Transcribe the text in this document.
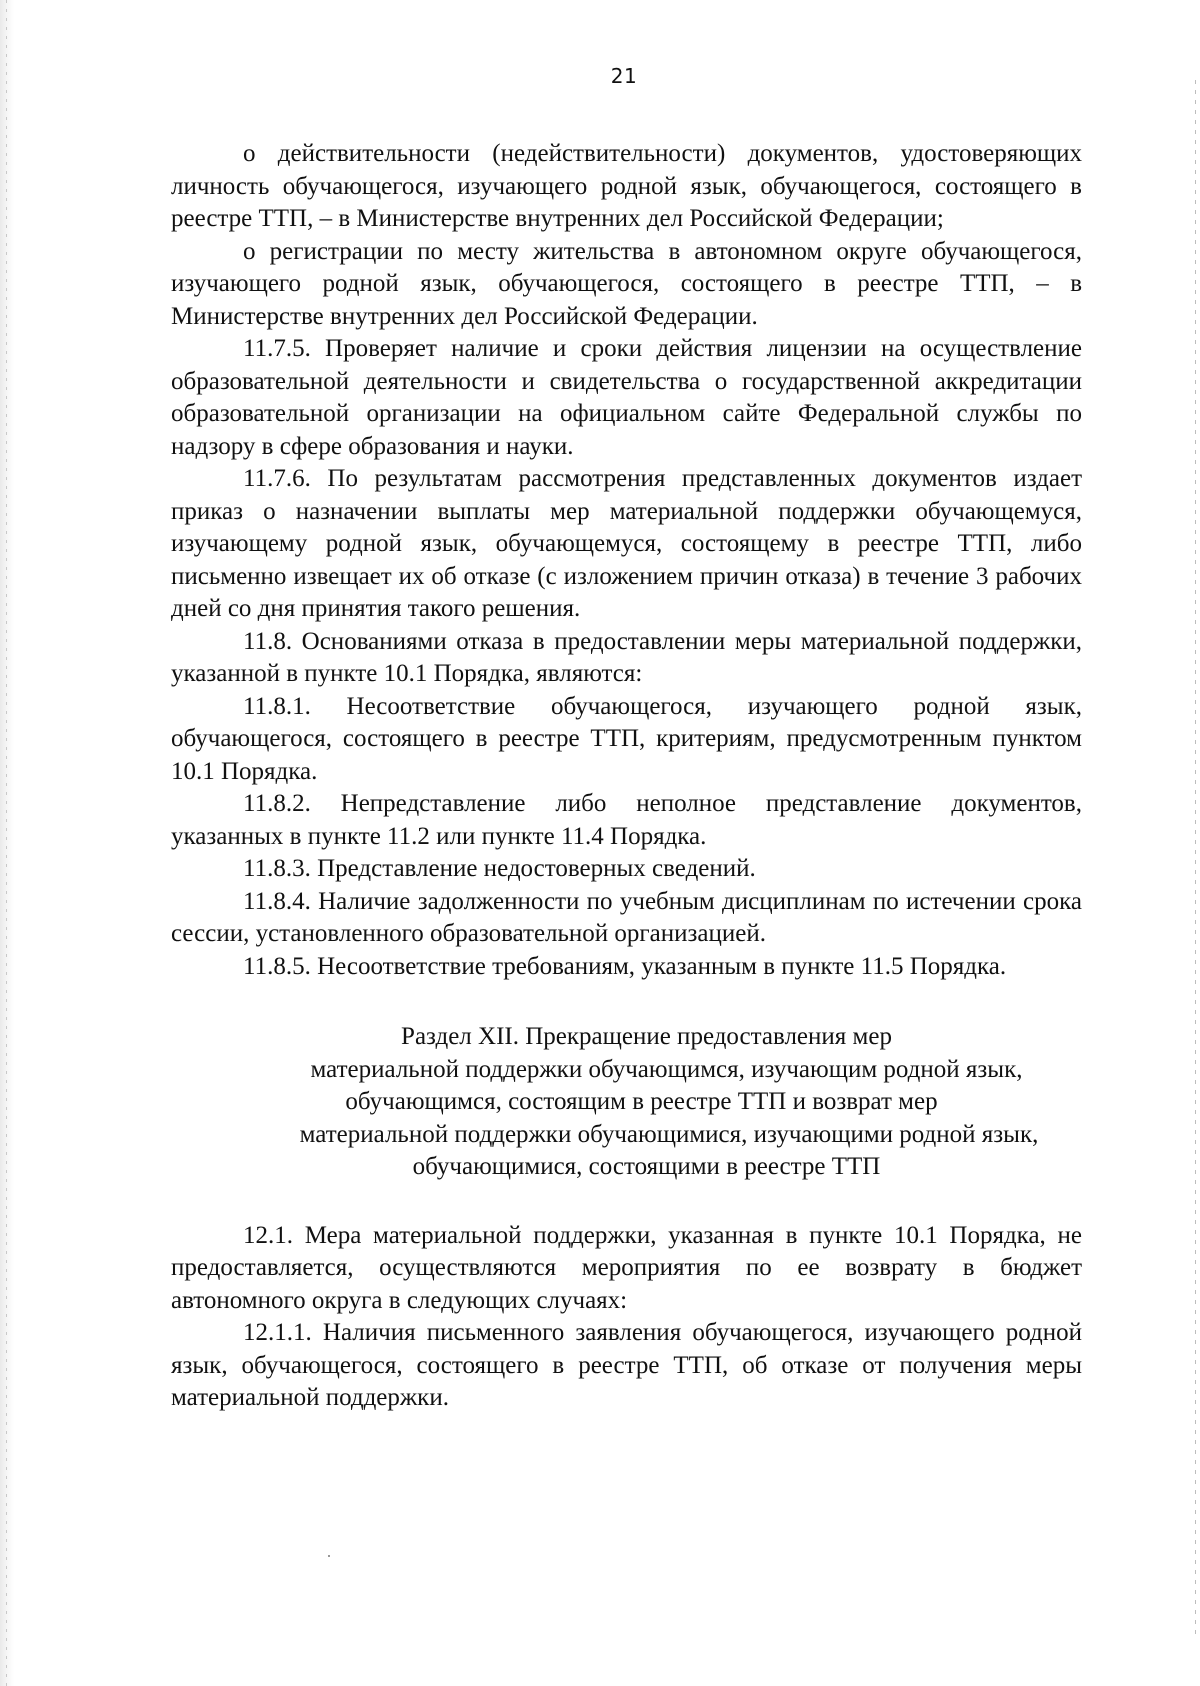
21

о действительности (недействительности) документов, удостоверяющих личность обучающегося, изучающего родной язык, обучающегося, состоящего в реестре ТТП, – в Министерстве внутренних дел Российской Федерации;

о регистрации по месту жительства в автономном округе обучающегося, изучающего родной язык, обучающегося, состоящего в реестре ТТП, – в Министерстве внутренних дел Российской Федерации.

11.7.5. Проверяет наличие и сроки действия лицензии на осуществление образовательной деятельности и свидетельства о государственной аккредитации образовательной организации на официальном сайте Федеральной службы по надзору в сфере образования и науки.

11.7.6. По результатам рассмотрения представленных документов издает приказ о назначении выплаты мер материальной поддержки обучающемуся, изучающему родной язык, обучающемуся, состоящему в реестре ТТП, либо письменно извещает их об отказе (с изложением причин отказа) в течение 3 рабочих дней со дня принятия такого решения.

11.8. Основаниями отказа в предоставлении меры материальной поддержки, указанной в пункте 10.1 Порядка, являются:

11.8.1. Несоответствие обучающегося, изучающего родной язык, обучающегося, состоящего в реестре ТТП, критериям, предусмотренным пунктом 10.1 Порядка.

11.8.2. Непредставление либо неполное представление документов, указанных в пункте 11.2 или пункте 11.4 Порядка.

11.8.3. Представление недостоверных сведений.

11.8.4. Наличие задолженности по учебным дисциплинам по истечении срока сессии, установленного образовательной организацией.

11.8.5. Несоответствие требованиям, указанным в пункте 11.5 Порядка.

Раздел XII. Прекращение предоставления мер
материальной поддержки обучающимся, изучающим родной язык,
обучающимся, состоящим в реестре ТТП и возврат мер
материальной поддержки обучающимися, изучающими родной язык,
обучающимися, состоящими в реестре ТТП

12.1. Мера материальной поддержки, указанная в пункте 10.1 Порядка, не предоставляется, осуществляются мероприятия по ее возврату в бюджет автономного округа в следующих случаях:

12.1.1. Наличия письменного заявления обучающегося, изучающего родной язык, обучающегося, состоящего в реестре ТТП, об отказе от получения меры материальной поддержки.
